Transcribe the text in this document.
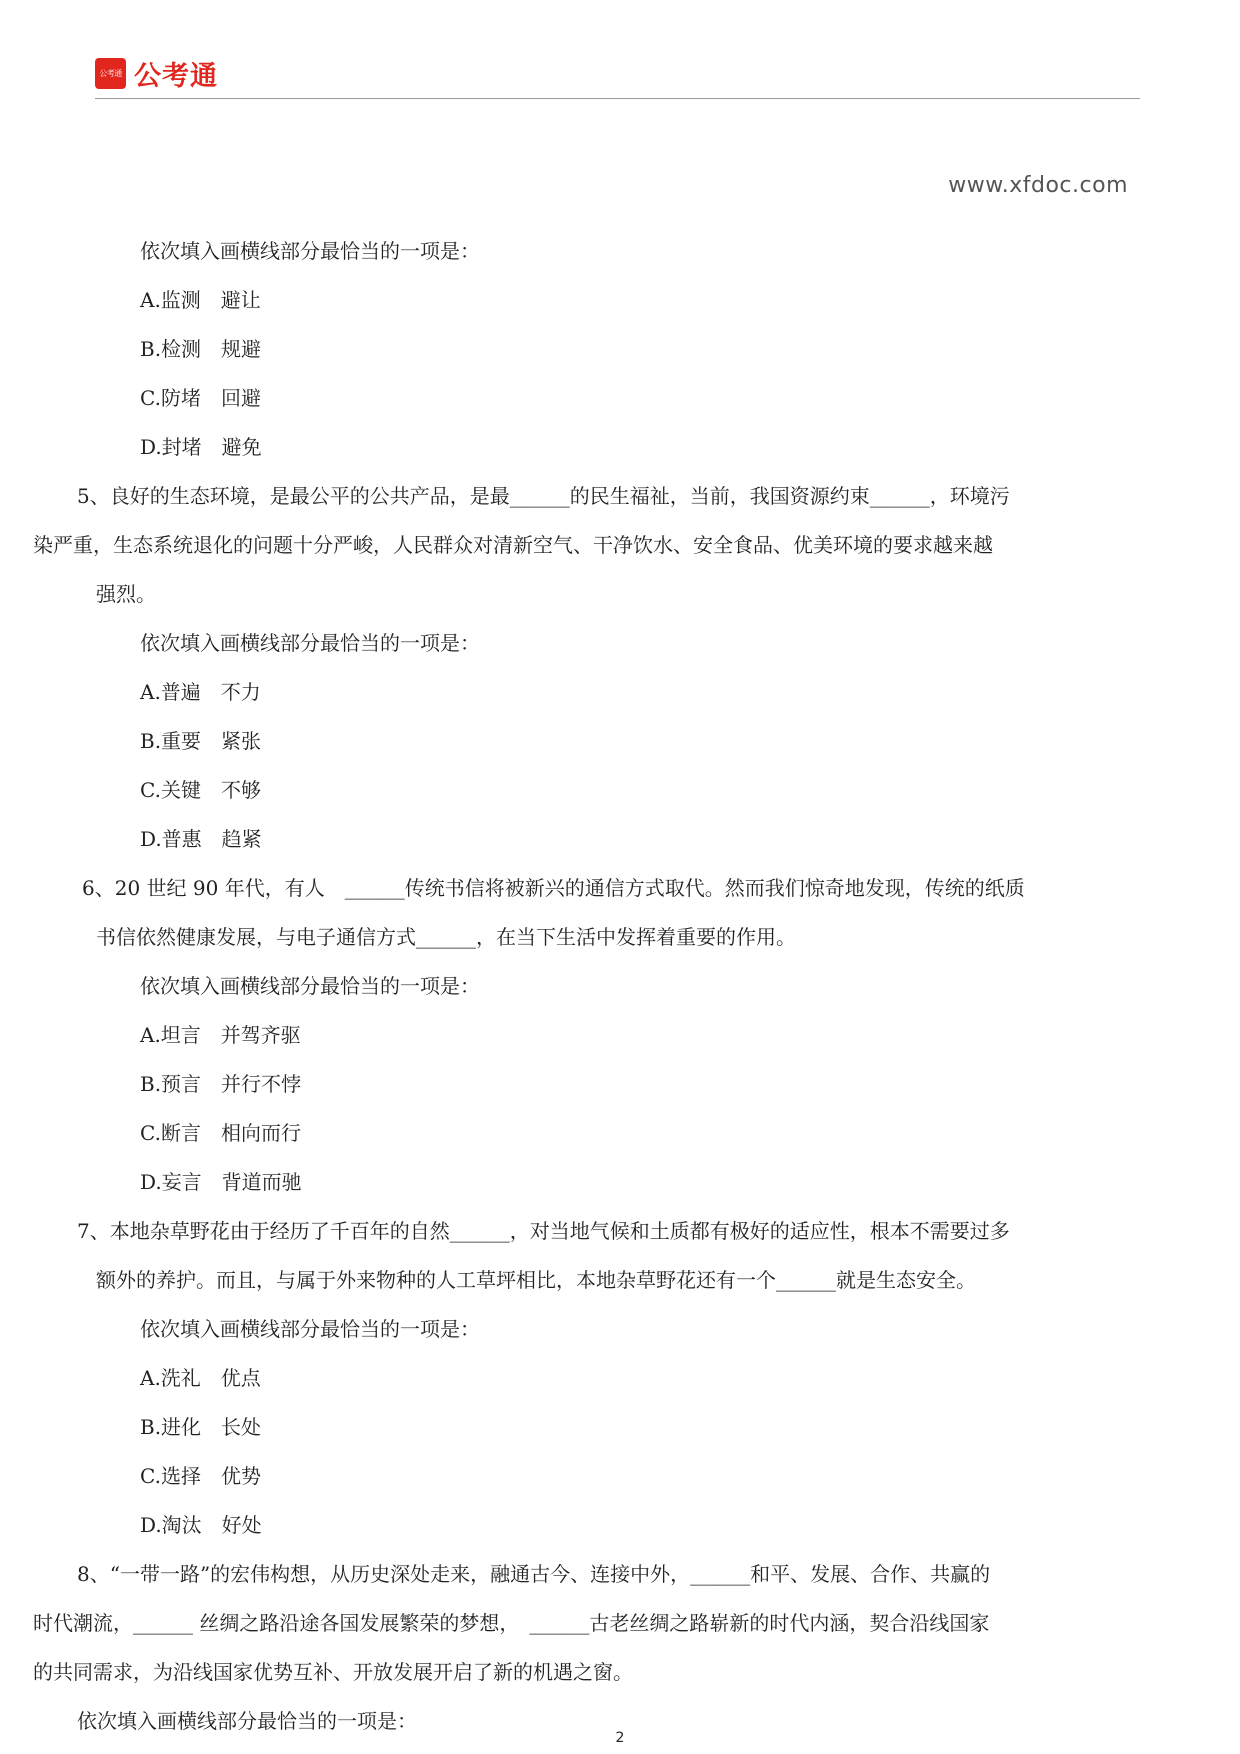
公考通 公考通
www.xfdoc.com
依次填入画横线部分最恰当的一项是：
A.监测　避让
B.检测　规避
C.防堵　回避
D.封堵　避免
5、良好的生态环境，是最公平的公共产品，是最______的民生福祉，当前，我国资源约束______，环境污
染严重，生态系统退化的问题十分严峻，人民群众对清新空气、干净饮水、安全食品、优美环境的要求越来越
强烈。
依次填入画横线部分最恰当的一项是：
A.普遍　不力
B.重要　紧张
C.关键　不够
D.普惠　趋紧
6、20 世纪 90 年代，有人　______传统书信将被新兴的通信方式取代。然而我们惊奇地发现，传统的纸质
书信依然健康发展，与电子通信方式______，在当下生活中发挥着重要的作用。
依次填入画横线部分最恰当的一项是：
A.坦言　并驾齐驱
B.预言　并行不悖
C.断言　相向而行
D.妄言　背道而驰
7、本地杂草野花由于经历了千百年的自然______，对当地气候和土质都有极好的适应性，根本不需要过多
额外的养护。而且，与属于外来物种的人工草坪相比，本地杂草野花还有一个______就是生态安全。
依次填入画横线部分最恰当的一项是：
A.洗礼　优点
B.进化　长处
C.选择　优势
D.淘汰　好处
8、“一带一路”的宏伟构想，从历史深处走来，融通古今、连接中外，______和平、发展、合作、共赢的
时代潮流，______ 丝绸之路沿途各国发展繁荣的梦想，　______古老丝绸之路崭新的时代内涵，契合沿线国家
的共同需求，为沿线国家优势互补、开放发展开启了新的机遇之窗。
依次填入画横线部分最恰当的一项是：
2
